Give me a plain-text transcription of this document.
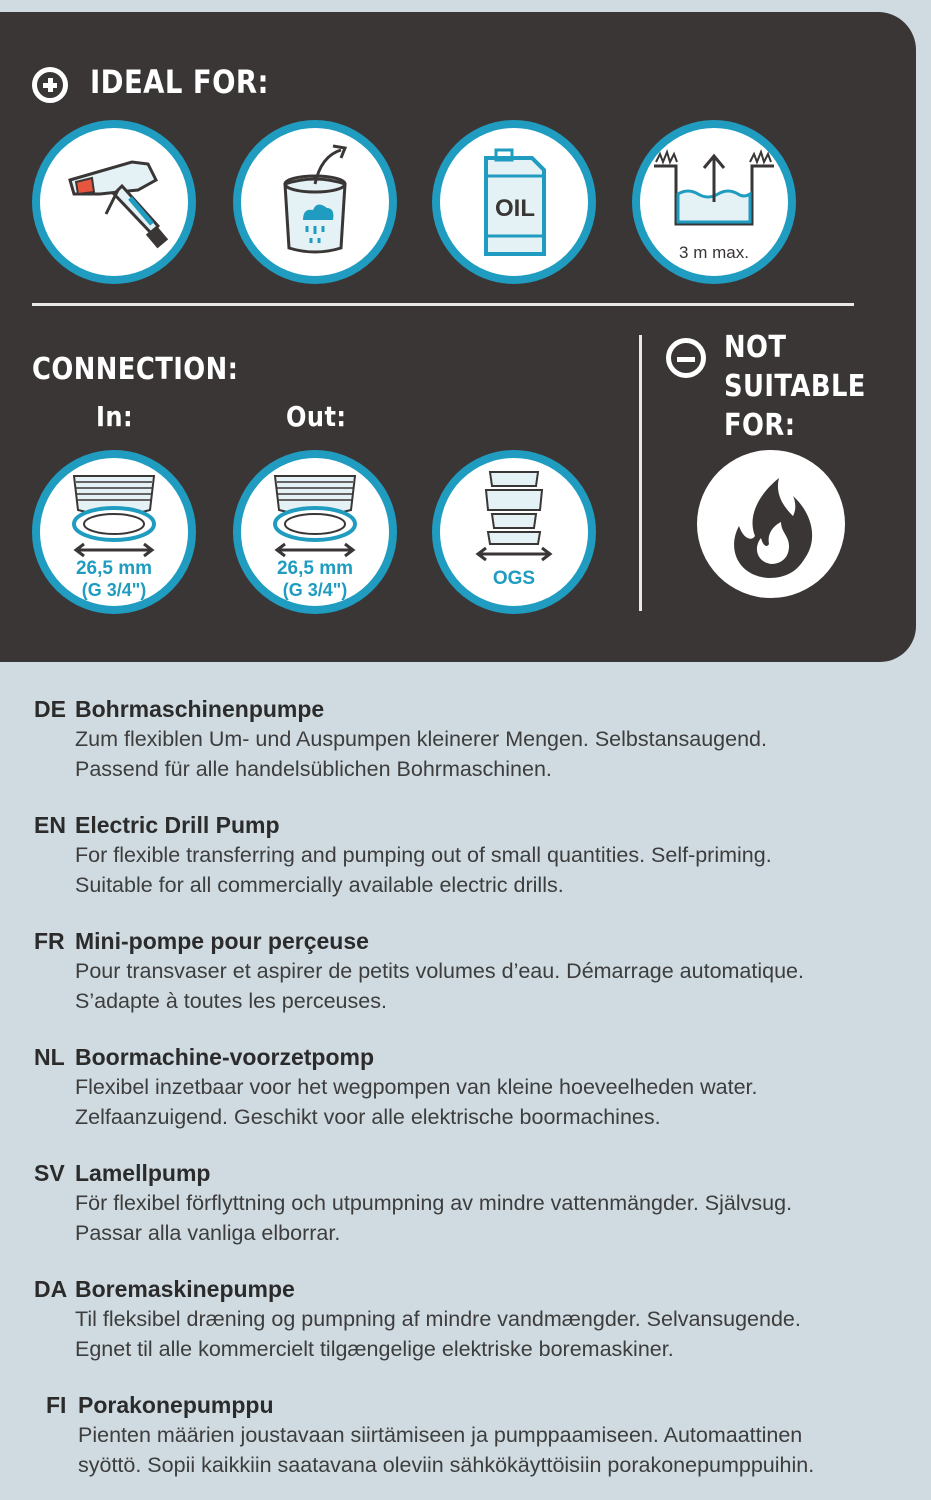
IDEAL FOR:
OIL
3 m max.
CONNECTION:
In:	Out:
26,5 mm
(G 3/4")
26,5 mm
(G 3/4")
OGS
NOT
SUITABLE
FOR:
DE Bohrmaschinenpumpe
Zum flexiblen Um- und Auspumpen kleinerer Mengen. Selbstansaugend.
Passend für alle handelsüblichen Bohrmaschinen.
EN Electric Drill Pump
For flexible transferring and pumping out of small quantities. Self-priming.
Suitable for all commercially available electric drills.
FR Mini-pompe pour perçeuse
Pour transvaser et aspirer de petits volumes d’eau. Démarrage automatique.
S’adapte à toutes les perceuses.
NL Boormachine-voorzetpomp
Flexibel inzetbaar voor het wegpompen van kleine hoeveelheden water.
Zelfaanzuigend. Geschikt voor alle elektrische boormachines.
SV Lamellpump
För flexibel förflyttning och utpumpning av mindre vattenmängder. Självsug.
Passar alla vanliga elborrar.
DA Boremaskinepumpe
Til fleksibel dræning og pumpning af mindre vandmængder. Selvansugende.
Egnet til alle kommercielt tilgængelige elektriske boremaskiner.
FI Porakonepumppu
Pienten määrien joustavaan siirtämiseen ja pumppaamiseen. Automaattinen
syöttö. Sopii kaikkiin saatavana oleviin sähkökäyttöisiin porakonepumppuihin.
